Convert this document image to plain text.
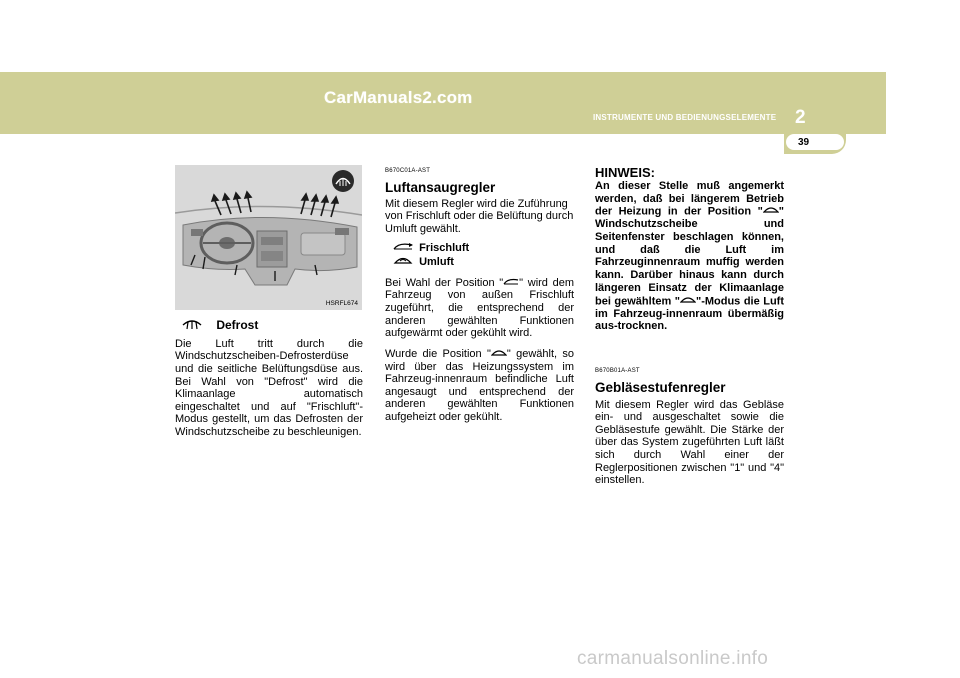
CarManuals2.com
INSTRUMENTE UND BEDIENUNGSELEMENTE 2
39
HSRFL674
Defrost

Die Luft tritt durch die Windschutzscheiben-Defrosterdüse und die seitliche Belüftungsdüse aus. Bei Wahl von "Defrost" wird die Klimaanlage automatisch eingeschaltet und auf "Frischluft"-Modus gestellt, um das Defrosten der Windschutzscheibe zu beschleunigen.

B670C01A-AST
Luftansaugregler

Mit diesem Regler wird die Zuführung von Frischluft oder die Belüftung durch Umluft gewählt.

Frischluft
Umluft

Bei Wahl der Position " " wird dem Fahrzeug von außen Frischluft zugeführt, die entsprechend der anderen gewählten Funktionen aufgewärmt oder gekühlt wird.

Wurde die Position " " gewählt, so wird über das Heizungssystem im Fahrzeug-innenraum befindliche Luft angesaugt und entsprechend der anderen gewählten Funktionen aufgeheizt oder gekühlt.

HINWEIS:

An dieser Stelle muß angemerkt werden, daß bei längerem Betrieb der Heizung in der Position " " Windschutzscheibe und Seitenfenster beschlagen können, und daß die Luft im Fahrzeuginnenraum muffig werden kann. Darüber hinaus kann durch längeren Einsatz der Klimaanlage bei gewähltem " "-Modus die Luft im Fahrzeug-innenraum übermäßig aus-trocknen.

B670B01A-AST
Gebläsestufenregler

Mit diesem Regler wird das Gebläse ein- und ausgeschaltet sowie die Gebläsestufe gewählt. Die Stärke der über das System zugeführten Luft läßt sich durch Wahl einer der Reglerpositionen zwischen "1" und "4" einstellen.

carmanualsonline.info
